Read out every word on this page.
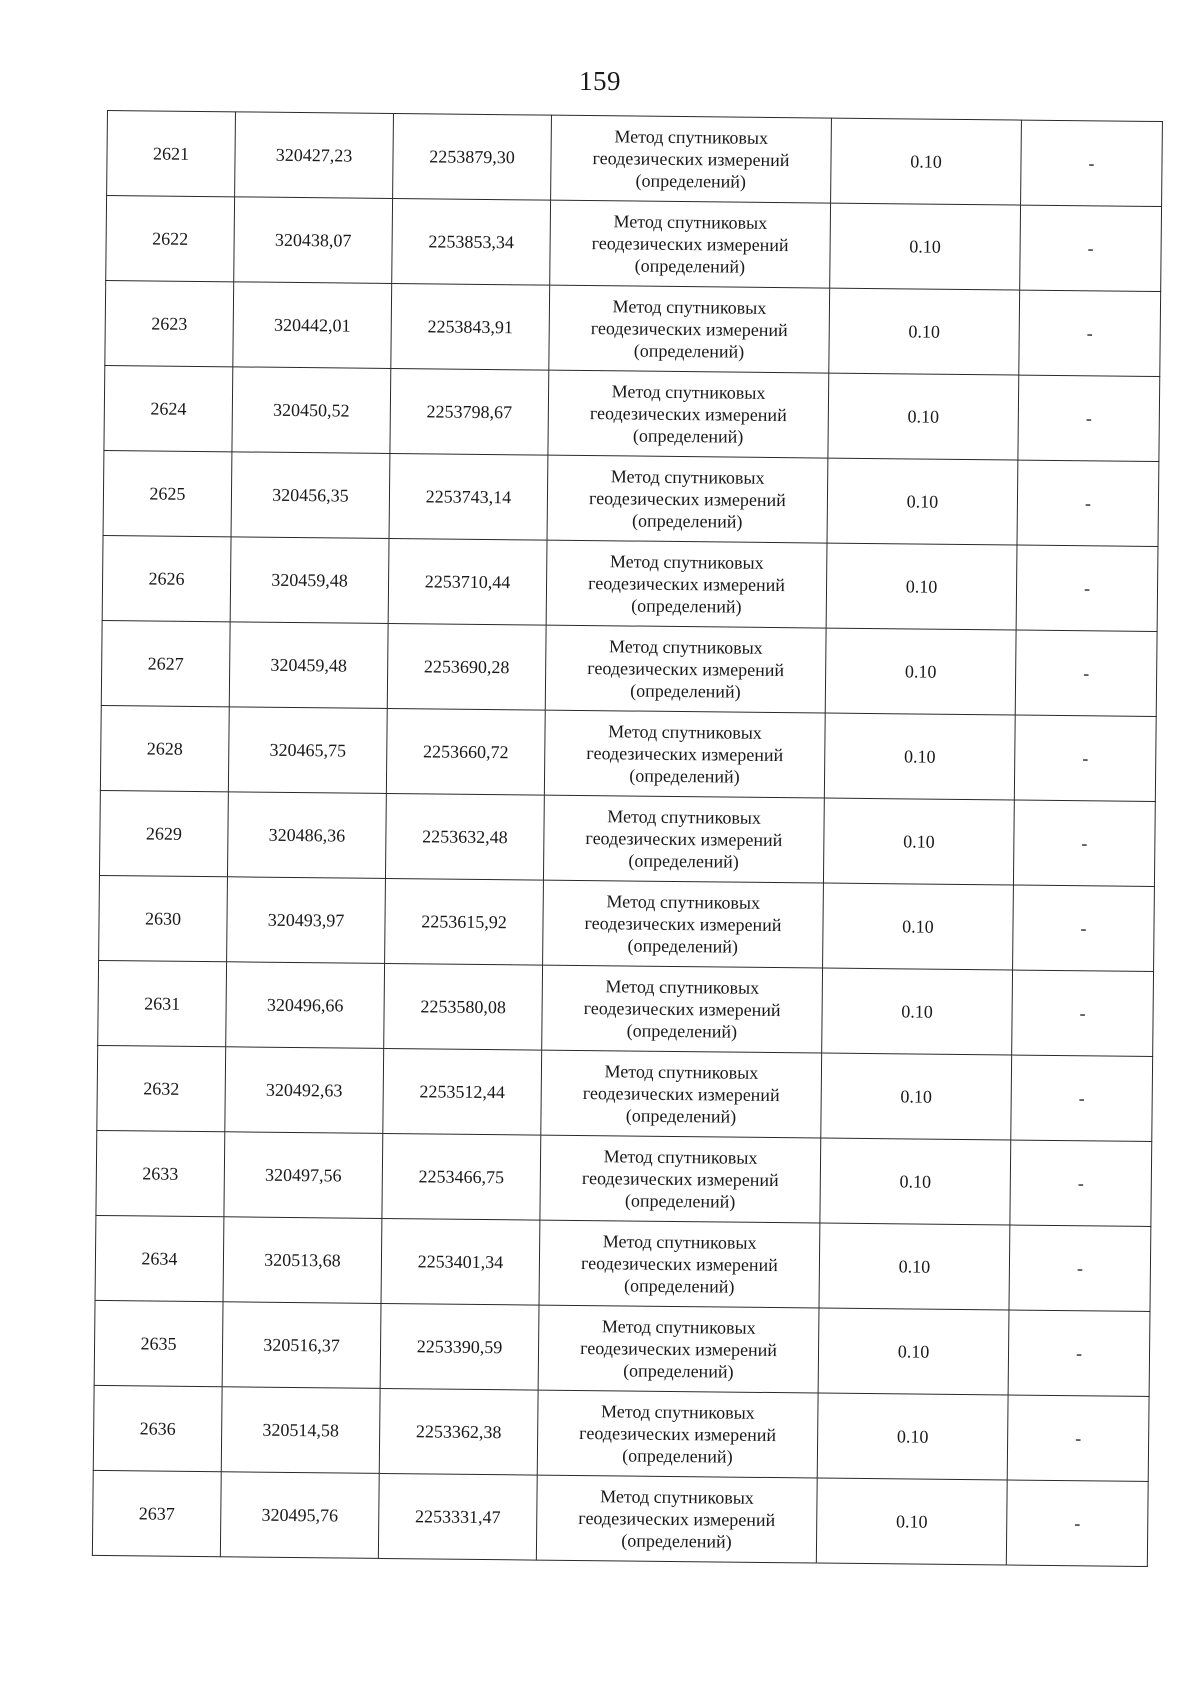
159
2621	320427,23	2253879,30	Метод спутниковых
геодезических измерений
(определений)	0.10	-
2622	320438,07	2253853,34	Метод спутниковых
геодезических измерений
(определений)	0.10	-
2623	320442,01	2253843,91	Метод спутниковых
геодезических измерений
(определений)	0.10	-
2624	320450,52	2253798,67	Метод спутниковых
геодезических измерений
(определений)	0.10	-
2625	320456,35	2253743,14	Метод спутниковых
геодезических измерений
(определений)	0.10	-
2626	320459,48	2253710,44	Метод спутниковых
геодезических измерений
(определений)	0.10	-
2627	320459,48	2253690,28	Метод спутниковых
геодезических измерений
(определений)	0.10	-
2628	320465,75	2253660,72	Метод спутниковых
геодезических измерений
(определений)	0.10	-
2629	320486,36	2253632,48	Метод спутниковых
геодезических измерений
(определений)	0.10	-
2630	320493,97	2253615,92	Метод спутниковых
геодезических измерений
(определений)	0.10	-
2631	320496,66	2253580,08	Метод спутниковых
геодезических измерений
(определений)	0.10	-
2632	320492,63	2253512,44	Метод спутниковых
геодезических измерений
(определений)	0.10	-
2633	320497,56	2253466,75	Метод спутниковых
геодезических измерений
(определений)	0.10	-
2634	320513,68	2253401,34	Метод спутниковых
геодезических измерений
(определений)	0.10	-
2635	320516,37	2253390,59	Метод спутниковых
геодезических измерений
(определений)	0.10	-
2636	320514,58	2253362,38	Метод спутниковых
геодезических измерений
(определений)	0.10	-
2637	320495,76	2253331,47	Метод спутниковых
геодезических измерений
(определений)	0.10	-
